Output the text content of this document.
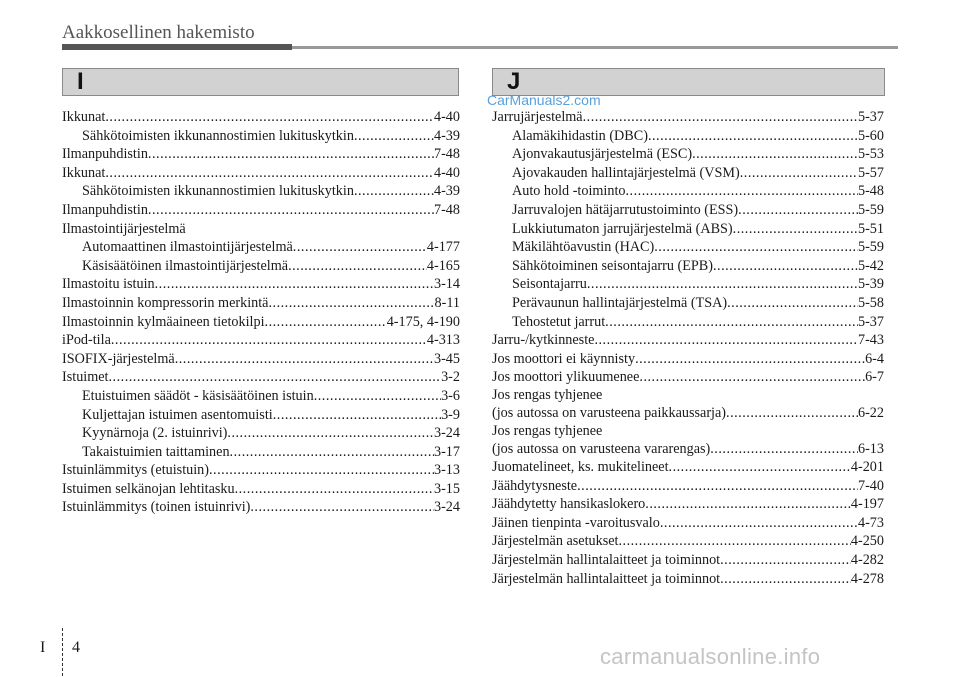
Aakkosellinen hakemisto
I	J
Ikkunat .....	4-40
Sähkötoimisten ikkunannostimien lukituskytkin .....	4-39
Ilmanpuhdistin .....	7-48
Ikkunat .....	4-40
Sähkötoimisten ikkunannostimien lukituskytkin .....	4-39
Ilmanpuhdistin .....	7-48
Ilmastointijärjestelmä
Automaattinen ilmastointijärjestelmä .....	4-177
Käsisäätöinen ilmastointijärjestelmä .....	4-165
Ilmastoitu istuin .....	3-14
Ilmastoinnin kompressorin merkintä .....	8-11
Ilmastoinnin kylmäaineen tietokilpi .....	4-175, 4-190
iPod-tila .....	4-313
ISOFIX-järjestelmä .....	3-45
Istuimet .....	3-2
Etuistuimen säädöt - käsisäätöinen istuin .....	3-6
Kuljettajan istuimen asentomuisti .....	3-9
Kyynärnoja (2. istuinrivi) .....	3-24
Takaistuimien taittaminen .....	3-17
Istuinlämmitys (etuistuin) .....	3-13
Istuimen selkänojan lehtitasku .....	3-15
Istuinlämmitys (toinen istuinrivi) .....	3-24
Jarrujärjestelmä .....	5-37
Alamäkihidastin (DBC) .....	5-60
Ajonvakautusjärjestelmä (ESC) .....	5-53
Ajovakauden hallintajärjestelmä (VSM) .....	5-57
Auto hold -toiminto .....	5-48
Jarruvalojen hätäjarrutustoiminto (ESS) .....	5-59
Lukkiutumaton jarrujärjestelmä (ABS) .....	5-51
Mäkilähtöavustin (HAC) .....	5-59
Sähkötoiminen seisontajarru (EPB) .....	5-42
Seisontajarru .....	5-39
Perävaunun hallintajärjestelmä (TSA) .....	5-58
Tehostetut jarrut .....	5-37
Jarru-/kytkinneste .....	7-43
Jos moottori ei käynnisty .....	6-4
Jos moottori ylikuumenee .....	6-7
Jos rengas tyhjenee
(jos autossa on varusteena paikkaussarja) .....	6-22
Jos rengas tyhjenee
(jos autossa on varusteena vararengas) .....	6-13
Juomatelineet, ks. mukitelineet .....	4-201
Jäähdytysneste .....	7-40
Jäähdytetty hansikaslokero .....	4-197
Jäinen tienpinta -varoitusvalo .....	4-73
Järjestelmän asetukset .....	4-250
Järjestelmän hallintalaitteet ja toiminnot .....	4-282
Järjestelmän hallintalaitteet ja toiminnot .....	4-278
CarManuals2.com
carmanualsonline.info
I 4
